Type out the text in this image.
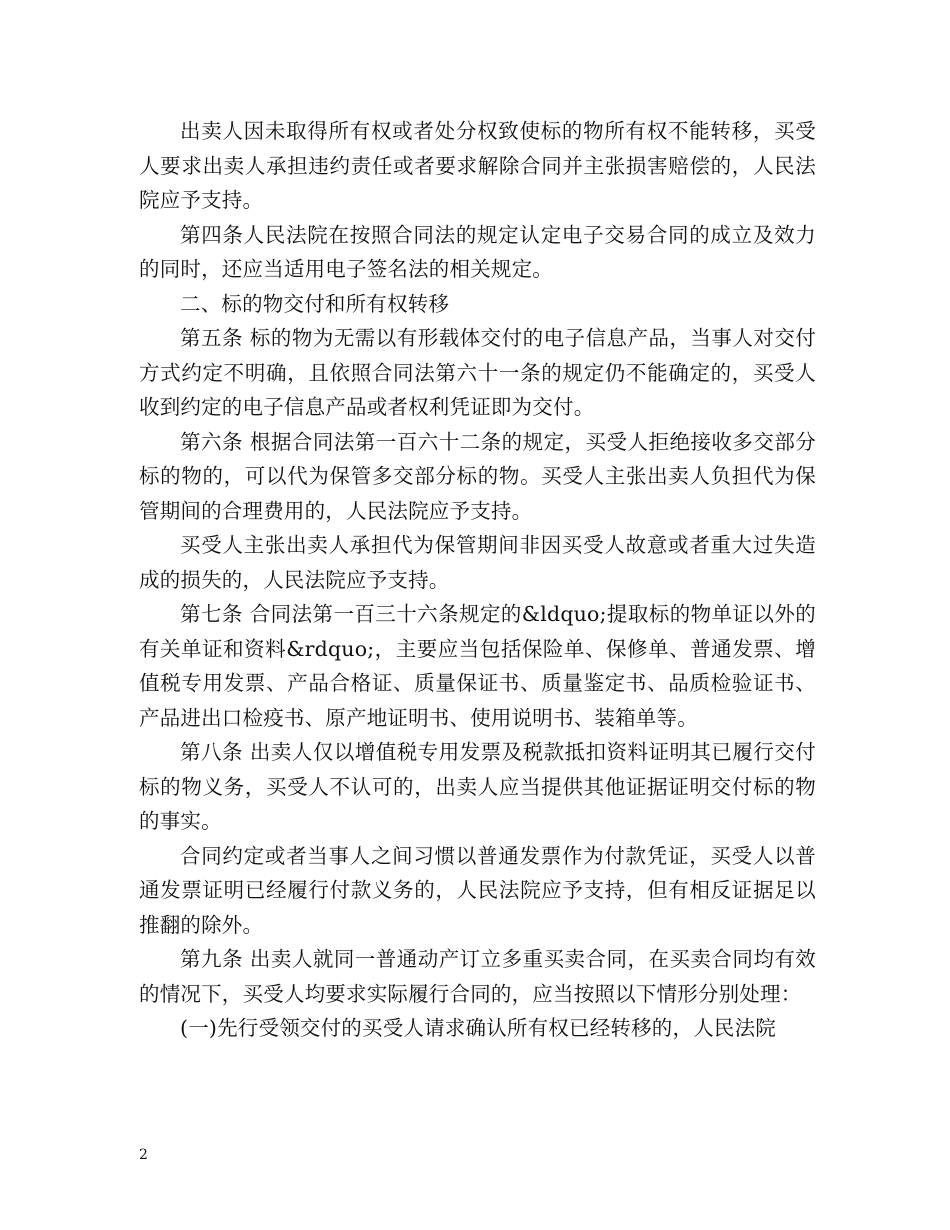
出卖人因未取得所有权或者处分权致使标的物所有权不能转移，买受人要求出卖人承担违约责任或者要求解除合同并主张损害赔偿的，人民法院应予支持。

第四条人民法院在按照合同法的规定认定电子交易合同的成立及效力的同时，还应当适用电子签名法的相关规定。

二、标的物交付和所有权转移

第五条 标的物为无需以有形载体交付的电子信息产品，当事人对交付方式约定不明确，且依照合同法第六十一条的规定仍不能确定的，买受人收到约定的电子信息产品或者权利凭证即为交付。

第六条 根据合同法第一百六十二条的规定，买受人拒绝接收多交部分标的物的，可以代为保管多交部分标的物。买受人主张出卖人负担代为保管期间的合理费用的，人民法院应予支持。

买受人主张出卖人承担代为保管期间非因买受人故意或者重大过失造成的损失的，人民法院应予支持。

第七条 合同法第一百三十六条规定的&ldquo;提取标的物单证以外的有关单证和资料&rdquo;，主要应当包括保险单、保修单、普通发票、增值税专用发票、产品合格证、质量保证书、质量鉴定书、品质检验证书、产品进出口检疫书、原产地证明书、使用说明书、装箱单等。

第八条 出卖人仅以增值税专用发票及税款抵扣资料证明其已履行交付标的物义务，买受人不认可的，出卖人应当提供其他证据证明交付标的物的事实。

合同约定或者当事人之间习惯以普通发票作为付款凭证，买受人以普通发票证明已经履行付款义务的，人民法院应予支持，但有相反证据足以推翻的除外。

第九条 出卖人就同一普通动产订立多重买卖合同，在买卖合同均有效的情况下，买受人均要求实际履行合同的，应当按照以下情形分别处理：

(一)先行受领交付的买受人请求确认所有权已经转移的，人民法院

2
